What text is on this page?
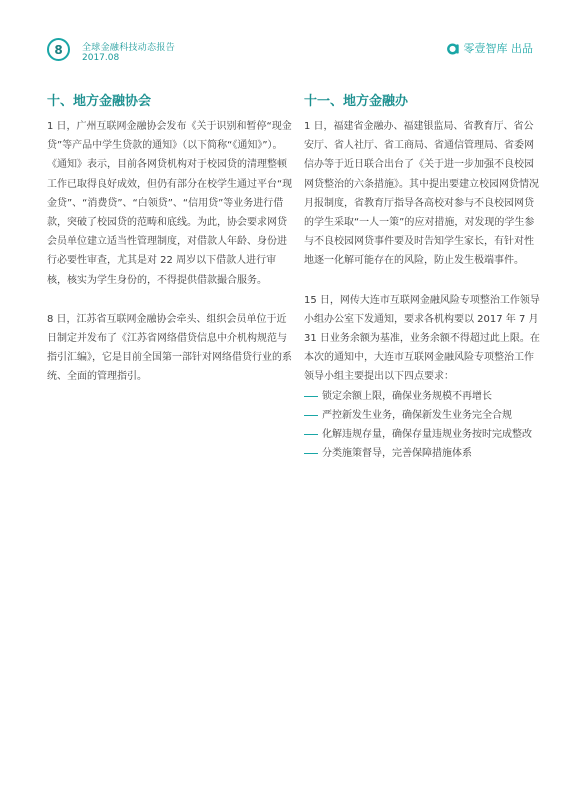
8	全球金融科技动态报告
2017.08
零壹智库 出品
十、地方金融协会

1 日，广州互联网金融协会发布《关于识别和暂停“现金贷”等产品中学生贷款的通知》（以下简称“《通知》”）。《通知》表示，目前各网贷机构对于校园贷的清理整顿工作已取得良好成效，但仍有部分在校学生通过平台“现金贷”、“消费贷”、“白领贷”、“信用贷”等业务进行借款，突破了校园贷的范畴和底线。为此，协会要求网贷会员单位建立适当性管理制度，对借款人年龄、身份进行必要性审查，尤其是对 22 周岁以下借款人进行审核，核实为学生身份的，不得提供借款撮合服务。

8 日，江苏省互联网金融协会牵头、组织会员单位于近日制定并发布了《江苏省网络借贷信息中介机构规范与指引汇编》，它是目前全国第一部针对网络借贷行业的系统、全面的管理指引。

十一、地方金融办

1 日，福建省金融办、福建银监局、省教育厅、省公安厅、省人社厅、省工商局、省通信管理局、省委网信办等于近日联合出台了《关于进一步加强不良校园网贷整治的六条措施》。其中提出要建立校园网贷情况月报制度，省教育厅指导各高校对参与不良校园网贷的学生采取“一人一策”的应对措施，对发现的学生参与不良校园网贷事件要及时告知学生家长，有针对性地逐一化解可能存在的风险，防止发生极端事件。

15 日，网传大连市互联网金融风险专项整治工作领导小组办公室下发通知，要求各机构要以 2017 年 7 月 31 日业务余额为基准，业务余额不得超过此上限。在本次的通知中，大连市互联网金融风险专项整治工作领导小组主要提出以下四点要求：

锁定余额上限，确保业务规模不再增长
严控新发生业务，确保新发生业务完全合规
化解违规存量，确保存量违规业务按时完成整改
分类施策督导，完善保障措施体系
